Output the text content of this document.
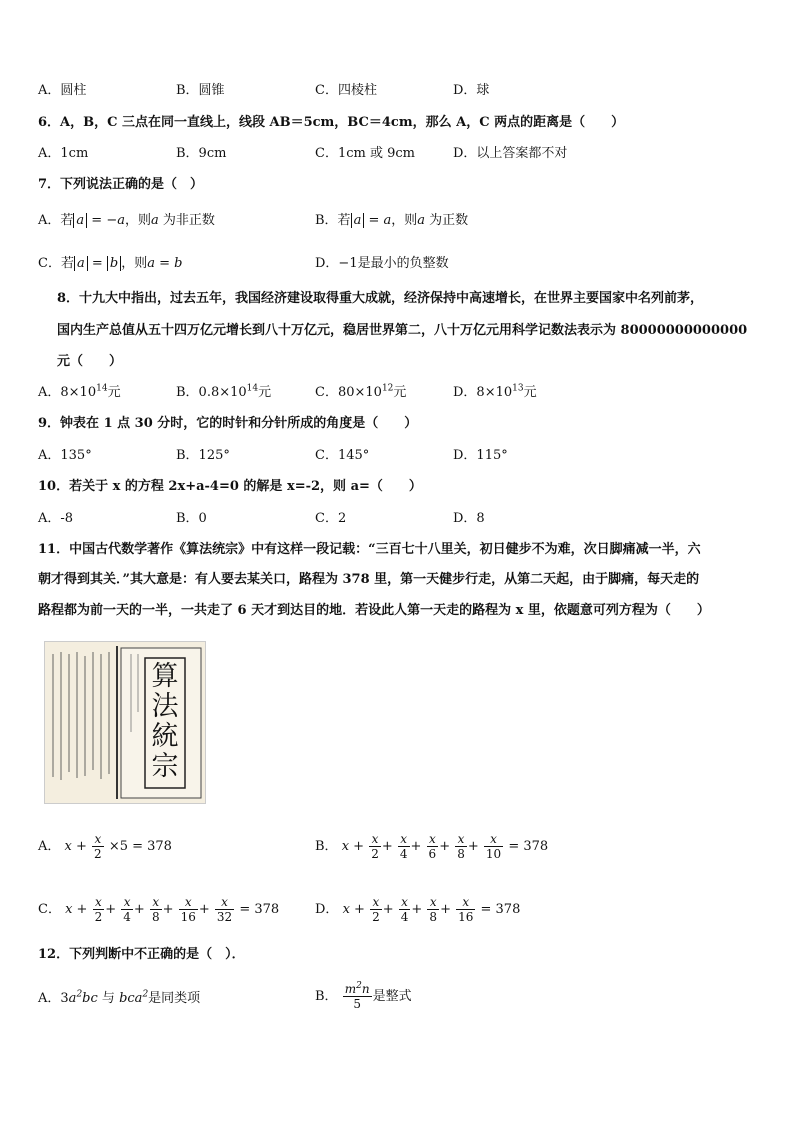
A．圆柱	B．圆锥	C．四棱柱	D．球
6．A，B，C 三点在同一直线上，线段 AB＝5cm，BC＝4cm，那么 A，C 两点的距离是（　　）
A．1cm	B．9cm	C．1cm 或 9cm	D．以上答案都不对
7．下列说法正确的是（　）
A．若 a = −a，则a 为非正数	B．若 a = a，则a 为正数
C．若 a = b ，则a = b	D．−1是最小的负整数
8．十九大中指出，过去五年，我国经济建设取得重大成就，经济保持中高速增长，在世界主要国家中名列前茅，
国内生产总值从五十四万亿元增长到八十万亿元，稳居世界第二，八十万亿元用科学记数法表示为 80000000000000
元（　　）
A．$8\times 10^{14}$元	B．$0.8\times 10^{14}$元	C．$80\times 10^{12}$元	D．$8\times 10^{13}$元
9．钟表在 1 点 30 分时，它的时针和分针所成的角度是（　　）
A．135°	B．125°	C．145°	D．115°
10．若关于 x 的方程 2x+a-4=0 的解是 x=-2，则 a=（　　）
A．-8	B．0	C．2	D．8
11．中国古代数学著作《算法统宗》中有这样一段记载：“三百七十八里关，初日健步不为难，次日脚痛减一半，六
朝才得到其关．”其大意是：有人要去某关口，路程为 378 里，第一天健步行走，从第二天起，由于脚痛，每天走的
路程都为前一天的一半，一共走了 6 天才到达目的地．若设此人第一天走的路程为 x 里，依题意可列方程为（　　）
算法統宗
A． $x + \frac{x}{2} \times 5 = 378$	B． $x + \frac{x}{2} + \frac{x}{4} + \frac{x}{6} + \frac{x}{8} + \frac{x}{10} = 378$
C． $x + \frac{x}{2} + \frac{x}{4} + \frac{x}{8} + \frac{x}{16} + \frac{x}{32} = 378$	D． $x + \frac{x}{2} + \frac{x}{4} + \frac{x}{8} + \frac{x}{16} = 378$
12．下列判断中不正确的是（　）．
A．$3a^2bc$ 与 bca$^2$是同类项	B． $\frac{m^2n}{5}$ 是整式
